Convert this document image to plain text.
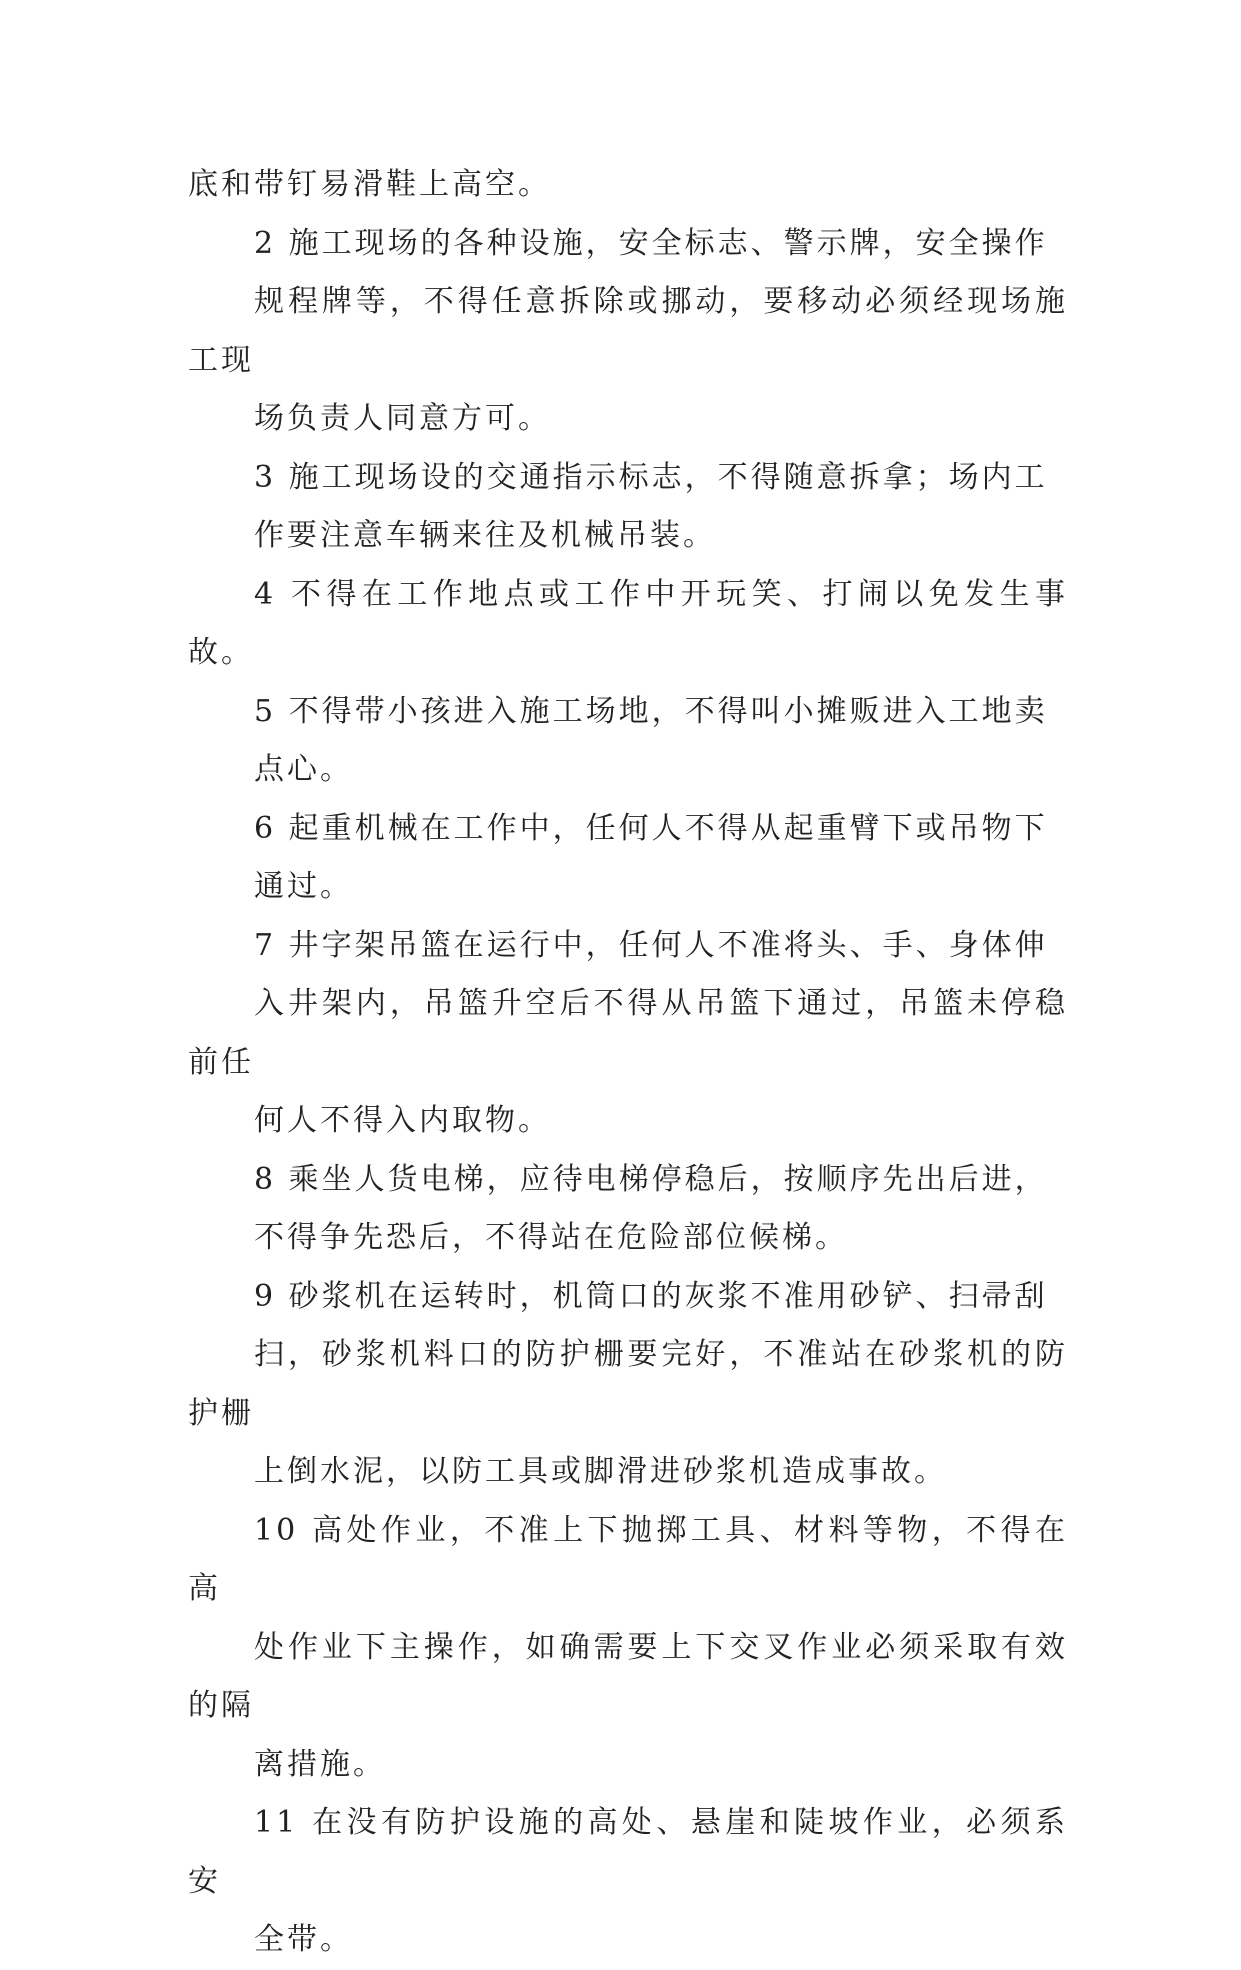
底和带钉易滑鞋上高空。

2 施工现场的各种设施，安全标志、警示牌，安全操作
规程牌等，不得任意拆除或挪动，要移动必须经现场施工现
场负责人同意方可。

3 施工现场设的交通指示标志，不得随意拆拿；场内工
作要注意车辆来往及机械吊装。

4 不得在工作地点或工作中开玩笑、打闹以免发生事故。

5 不得带小孩进入施工场地，不得叫小摊贩进入工地卖
点心。

6 起重机械在工作中，任何人不得从起重臂下或吊物下
通过。

7 井字架吊篮在运行中，任何人不准将头、手、身体伸
入井架内，吊篮升空后不得从吊篮下通过，吊篮未停稳前任
何人不得入内取物。

8 乘坐人货电梯，应待电梯停稳后，按顺序先出后进，
不得争先恐后，不得站在危险部位候梯。

9 砂浆机在运转时，机筒口的灰浆不准用砂铲、扫帚刮
扫，砂浆机料口的防护栅要完好，不准站在砂浆机的防护栅
上倒水泥，以防工具或脚滑进砂浆机造成事故。

10 高处作业，不准上下抛掷工具、材料等物，不得在高
处作业下主操作，如确需要上下交叉作业必须采取有效的隔
离措施。

11 在没有防护设施的高处、悬崖和陡坡作业，必须系安
全带。
